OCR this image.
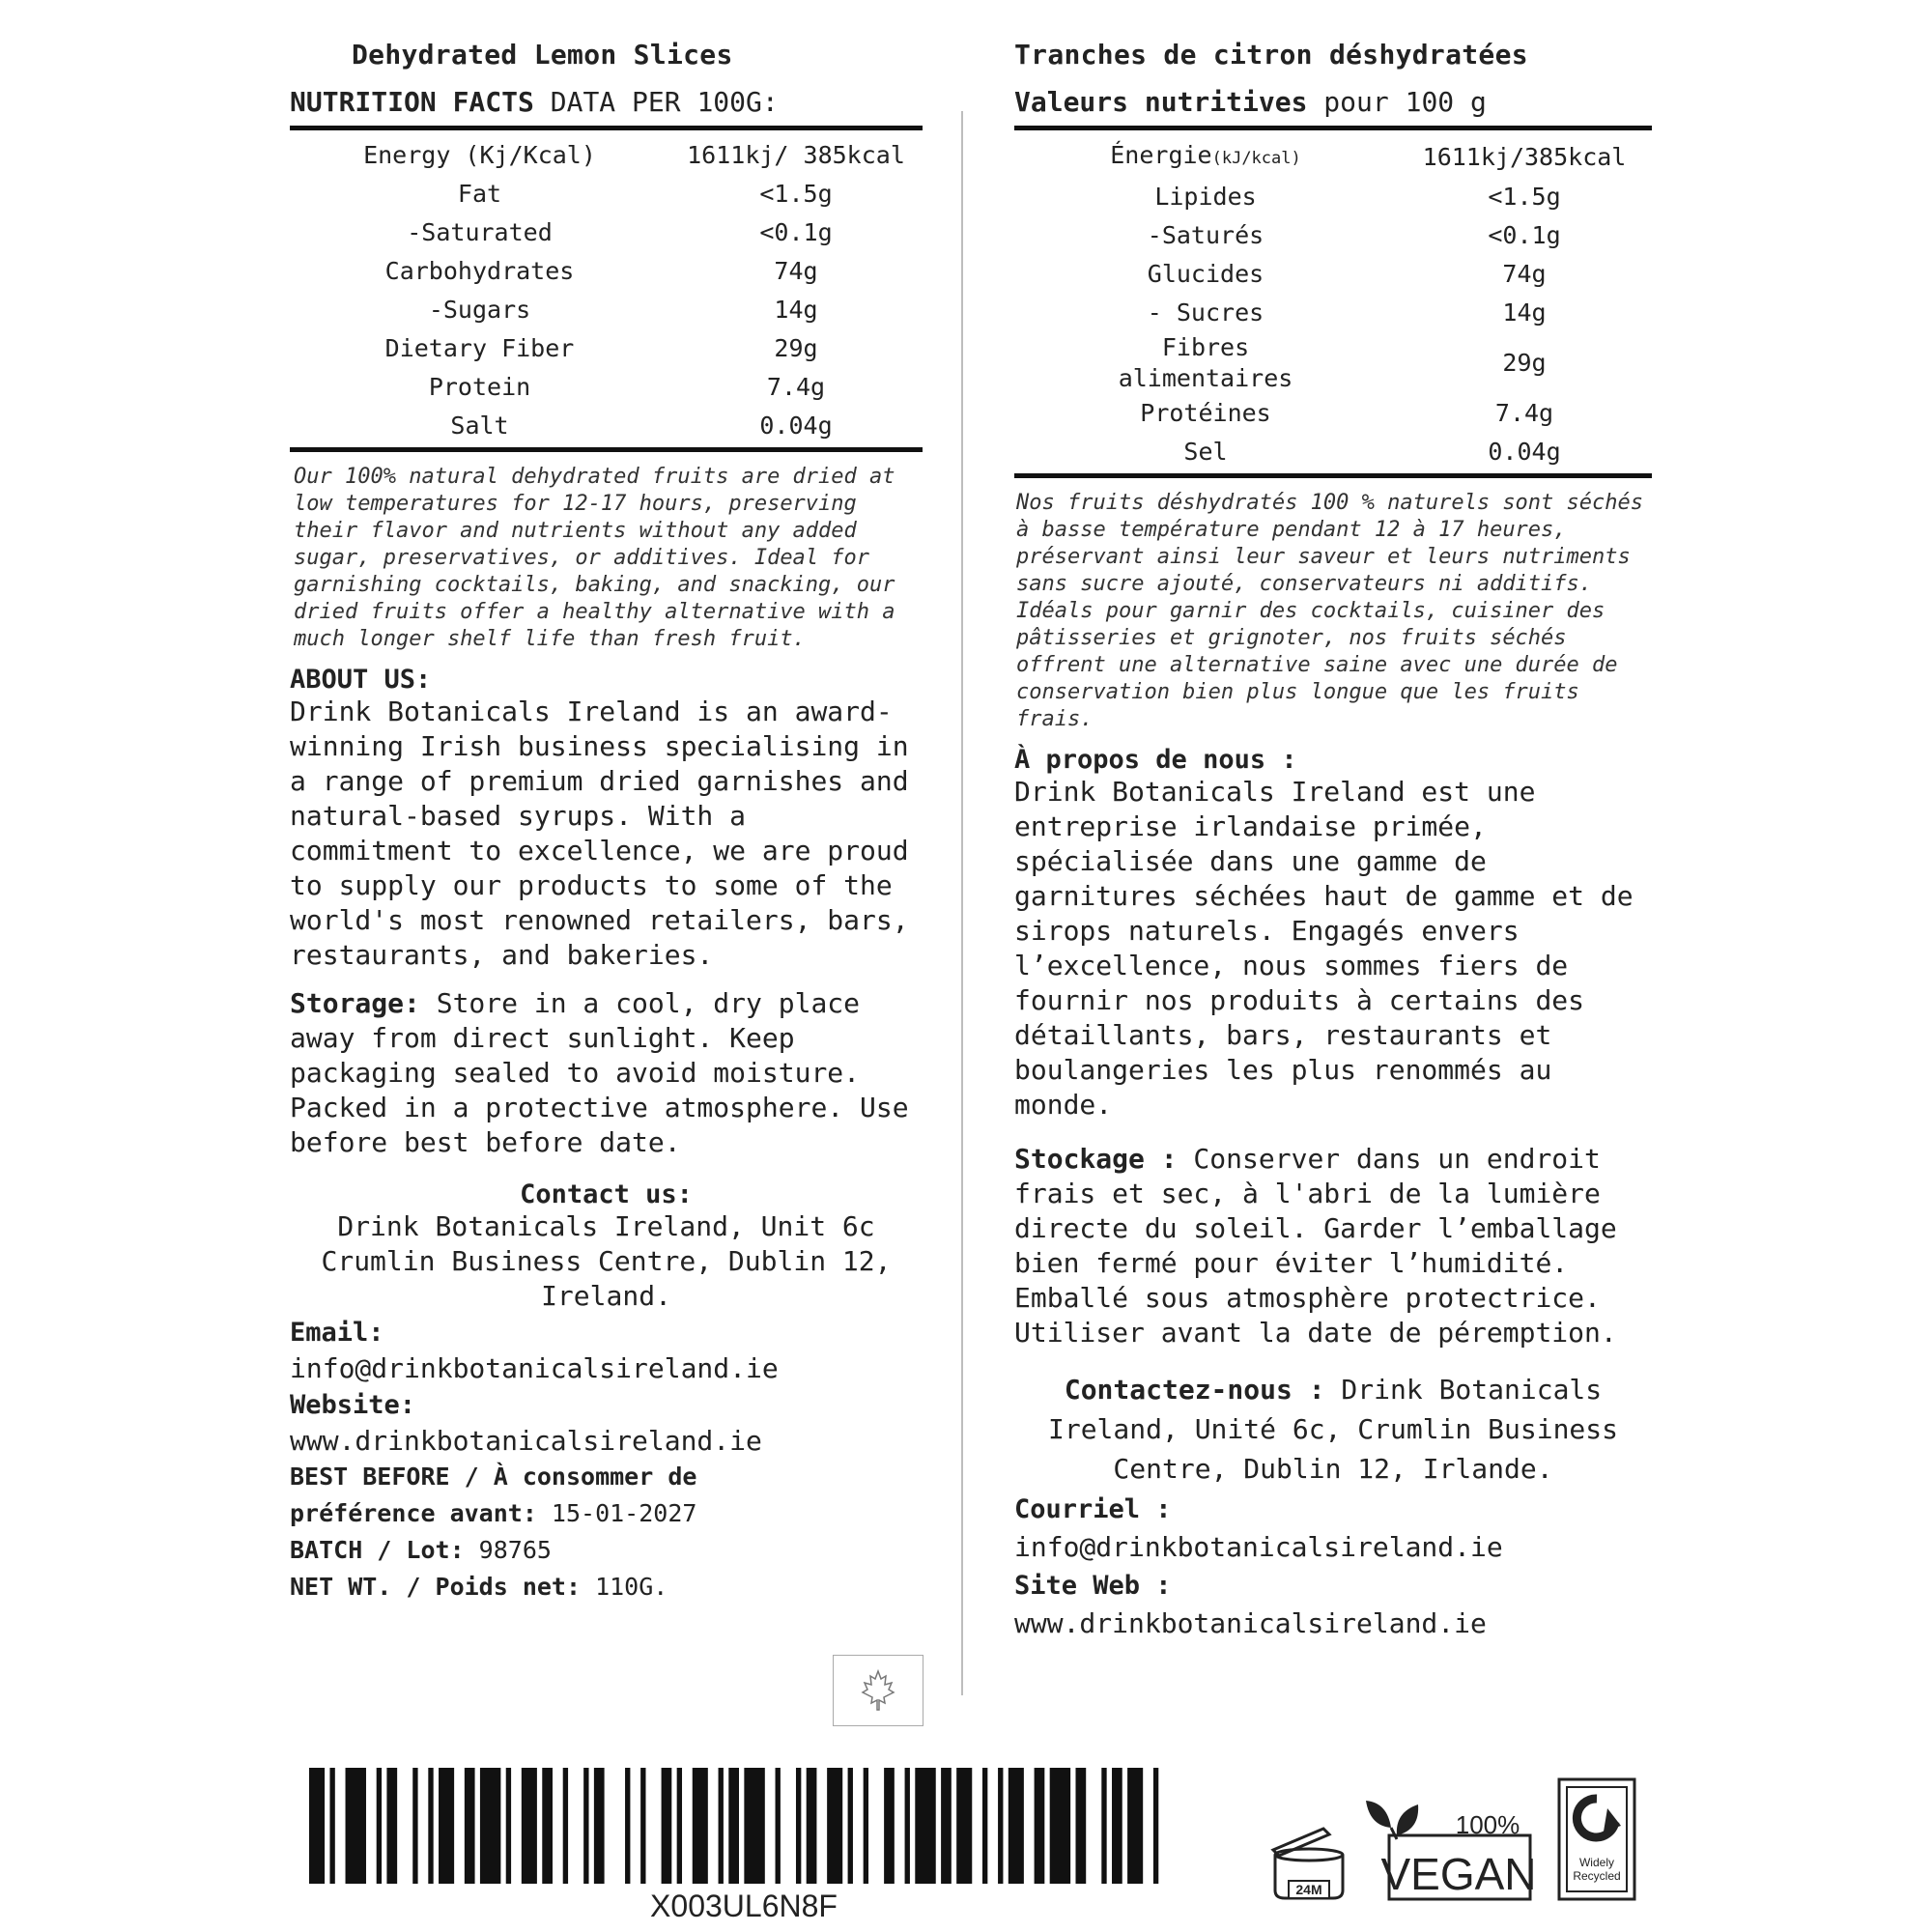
Dehydrated Lemon Slices
NUTRITION FACTS DATA PER 100G:
Energy (Kj/Kcal)	1611kj/ 385kcal
Fat	<1.5g
-Saturated	<0.1g
Carbohydrates	74g
-Sugars	14g
Dietary Fiber	29g
Protein	7.4g
Salt	0.04g

Our 100% natural dehydrated fruits are dried at low temperatures for 12-17 hours, preserving their flavor and nutrients without any added sugar, preservatives, or additives. Ideal for garnishing cocktails, baking, and snacking, our dried fruits offer a healthy alternative with a much longer shelf life than fresh fruit.

ABOUT US:

Drink Botanicals Ireland is an award-winning Irish business specialising in a range of premium dried garnishes and natural-based syrups. With a commitment to excellence, we are proud to supply our products to some of the world's most renowned retailers, bars, restaurants, and bakeries.

Storage: Store in a cool, dry place away from direct sunlight. Keep packaging sealed to avoid moisture. Packed in a protective atmosphere. Use before best before date.

Contact us:

Drink Botanicals Ireland, Unit 6c Crumlin Business Centre, Dublin 12, Ireland.

Email:
info@drinkbotanicalsireland.ie
Website:
www.drinkbotanicalsireland.ie
BEST BEFORE / À consommer de préférence avant: 15-01-2027
BATCH / Lot: 98765
NET WT. / Poids net: 110G.
Tranches de citron déshydratées
Valeurs nutritives pour 100 g
Énergie(kJ/kcal)	1611kj/385kcal
Lipides	<1.5g
-Saturés	<0.1g
Glucides	74g
- Sucres	14g
Fibres alimentaires	29g
Protéines	7.4g
Sel	0.04g

Nos fruits déshydratés 100 % naturels sont séchés à basse température pendant 12 à 17 heures, préservant ainsi leur saveur et leurs nutriments sans sucre ajouté, conservateurs ni additifs. Idéals pour garnir des cocktails, cuisiner des pâtisseries et grignoter, nos fruits séchés offrent une alternative saine avec une durée de conservation bien plus longue que les fruits frais.

À propos de nous :

Drink Botanicals Ireland est une entreprise irlandaise primée, spécialisée dans une gamme de garnitures séchées haut de gamme et de sirops naturels. Engagés envers l’excellence, nous sommes fiers de fournir nos produits à certains des détaillants, bars, restaurants et boulangeries les plus renommés au monde.

Stockage : Conserver dans un endroit frais et sec, à l'abri de la lumière directe du soleil. Garder l’emballage bien fermé pour éviter l’humidité. Emballé sous atmosphère protectrice. Utiliser avant la date de péremption.

Contactez-nous : Drink Botanicals Ireland, Unité 6c, Crumlin Business Centre, Dublin 12, Irlande.

Courriel :
info@drinkbotanicalsireland.ie
Site Web :
www.drinkbotanicalsireland.ie
X003UL6N8F	24M
100%
VEGAN	Widely
Recycled
